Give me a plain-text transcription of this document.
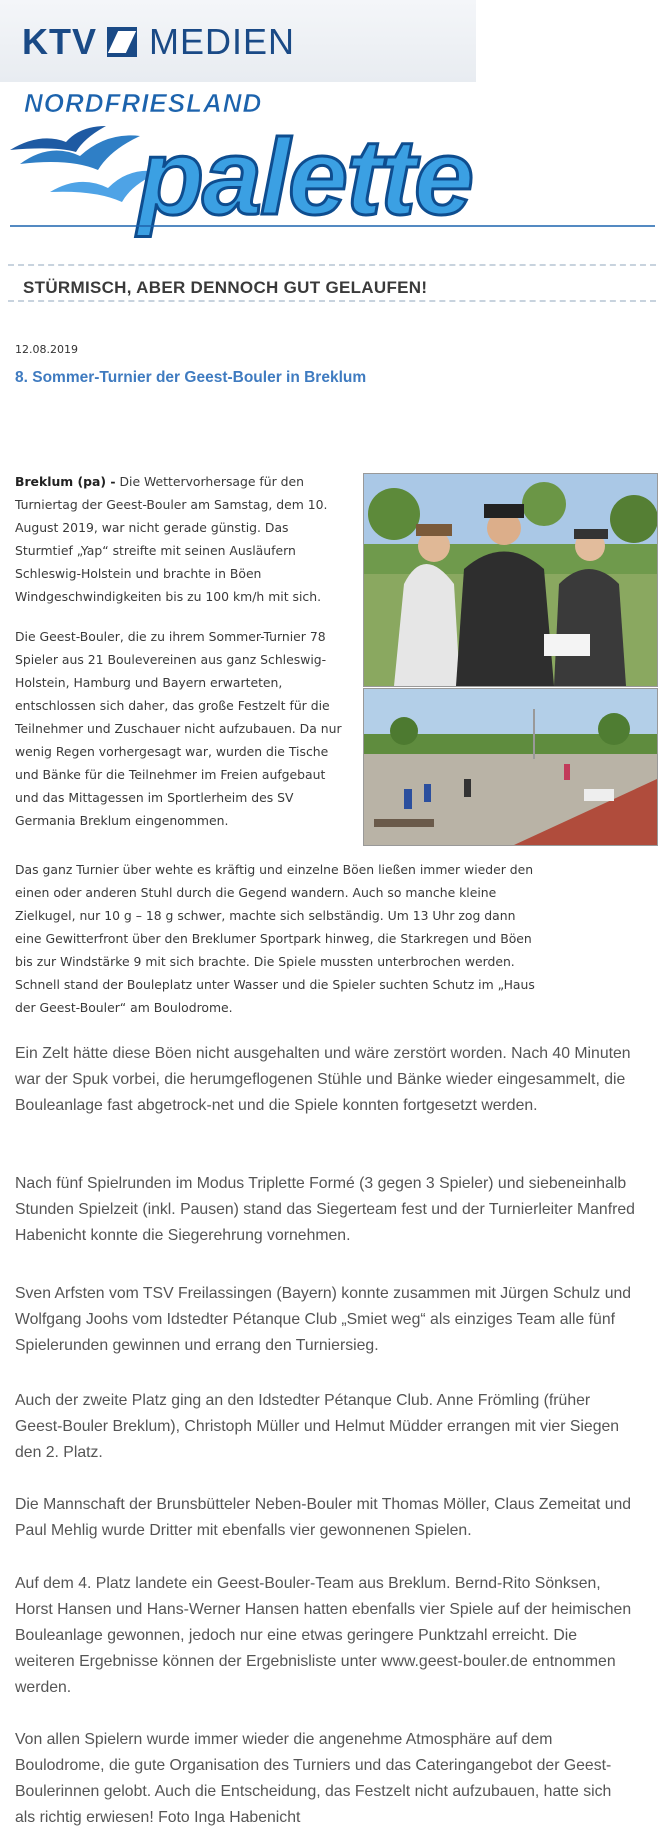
KTV MEDIEN
NORDFRIESLAND
palette
STÜRMISCH, ABER DENNOCH GUT GELAUFEN!
12.08.2019
8. Sommer-Turnier der Geest-Bouler in Breklum

Breklum (pa) - Die Wettervorhersage für den Turniertag der Geest-Bouler am Samstag, dem 10. August 2019, war nicht gerade günstig. Das Sturmtief „Yap“ streifte mit seinen Ausläufern Schleswig-Holstein und brachte in Böen Windgeschwindigkeiten bis zu 100 km/h mit sich.

Die Geest-Bouler, die zu ihrem Sommer-Turnier 78 Spieler aus 21 Boulevereinen aus ganz Schleswig-Holstein, Hamburg und Bayern erwarteten, entschlossen sich daher, das große Festzelt für die Teilnehmer und Zuschauer nicht aufzubauen. Da nur wenig Regen vorhergesagt war, wurden die Tische und Bänke für die Teilnehmer im Freien aufgebaut und das Mittagessen im Sportlerheim des SV Germania Breklum eingenommen.

Das ganz Turnier über wehte es kräftig und einzelne Böen ließen immer wieder den einen oder anderen Stuhl durch die Gegend wandern. Auch so manche kleine Zielkugel, nur 10 g – 18 g schwer, machte sich selbständig. Um 13 Uhr zog dann eine Gewitterfront über den Breklumer Sportpark hinweg, die Starkregen und Böen bis zur Windstärke 9 mit sich brachte. Die Spiele mussten unterbrochen werden. Schnell stand der Bouleplatz unter Wasser und die Spieler suchten Schutz im „Haus der Geest-Bouler“ am Boulodrome.

Ein Zelt hätte diese Böen nicht ausgehalten und wäre zerstört worden. Nach 40 Minuten war der Spuk vorbei, die herumgeflogenen Stühle und Bänke wieder eingesammelt, die Bouleanlage fast abgetrock-net und die Spiele konnten fortgesetzt werden.

Nach fünf Spielrunden im Modus Triplette Formé (3 gegen 3 Spieler) und siebeneinhalb Stunden Spielzeit (inkl. Pausen) stand das Siegerteam fest und der Turnierleiter Manfred Habenicht konnte die Siegerehrung vornehmen.

Sven Arfsten vom TSV Freilassingen (Bayern) konnte zusammen mit Jürgen Schulz und Wolfgang Joohs vom Idstedter Pétanque Club „Smiet weg“ als einziges Team alle fünf Spielerunden gewinnen und errang den Turniersieg.

Auch der zweite Platz ging an den Idstedter Pétanque Club. Anne Frömling (früher Geest-Bouler Breklum), Christoph Müller und Helmut Müdder errangen mit vier Siegen den 2. Platz.

Die Mannschaft der Brunsbütteler Neben-Bouler mit Thomas Möller, Claus Zemeitat und Paul Mehlig wurde Dritter mit ebenfalls vier gewonnenen Spielen.

Auf dem 4. Platz landete ein Geest-Bouler-Team aus Breklum. Bernd-Rito Sönksen, Horst Hansen und Hans-Werner Hansen hatten ebenfalls vier Spiele auf der heimischen Bouleanlage gewonnen, jedoch nur eine etwas geringere Punktzahl erreicht. Die weiteren Ergebnisse können der Ergebnisliste unter www.geest-bouler.de entnommen werden.

Von allen Spielern wurde immer wieder die angenehme Atmosphäre auf dem Boulodrome, die gute Organisation des Turniers und das Cateringangebot der Geest-Boulerinnen gelobt. Auch die Entscheidung, das Festzelt nicht aufzubauen, hatte sich als richtig erwiesen! Foto Inga Habenicht
